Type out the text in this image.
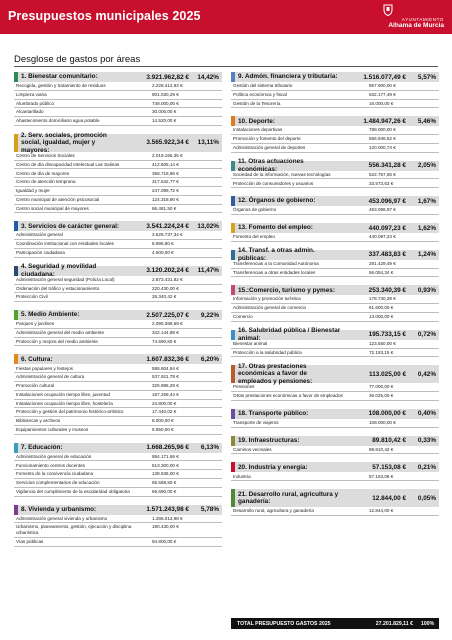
Presupuestos municipales 2025	AYUNTAMIENTO
Alhama de Murcia
Desglose de gastos por áreas
1. Bienestar comunitario:	3.921.962,82 €	14,42%
Recogida, gestión y tratamiento de residuos	2.228.412,93 €
Limpieza viaria	901.030,29 €
Alumbrado público	748.000,00 €
Alcantarillado	30.000,00 €
Abastecimiento domiciliario agua potable	14.520,00 €
2. Serv. sociales, promoción social, igualdad, mujer y mayores:
3.565.922,34 €	13,11%
Centro de Servicios Sociales	2.019.155,35 €
Centro de día discapacidad Intelectual Las Salinas	412.605,14 €
Centro de día de mayores	358.718,96 €
Centro de atención temprana	317.542,77 €
Igualdad y mujer	247.099,72 €
Centro municipal de atención psicosocial	124.318,90 €
Centro social municipal de mayores	86.481,50 €
3. Servicios de carácter general:	3.541.224,24 €	13,02%
Administración general	3.528.737,34 €
Coordinación institucional con entidades locales	8.986,90 €
Participación ciudadana	4.500,00 €
4. Seguridad y movilidad ciudadana:	3.120.202,24 €	11,47%
Administración general seguridad (Policía Local)	2.873.431,82 €
Ordenación del tráfico y estacionamiento	220.430,00 €
Protección Civil	26.340,42 €
5. Medio Ambiente:	2.507.225,07 €	9,22%
Parques y jardines	2.090.389,59 €
Administración general del medio ambiente	342.144,88 €
Protección y mejora del medio ambiente	74.690,60 €
6. Cultura:	1.607.832,36 €	6,20%
Fiestas populares y festejos	588.604,94 €
Administración general de cultura	537.921,78 €
Promoción cultural	325.996,29 €
Instalaciones ocupación tiempo libre, juventud	187.259,44 €
Instalaciones ocupación tiempo libre, hostelería	24.800,00 €
Protección y gestión del patrimonio histórico-artístico	17.440,02 €
Bibliotecas y archivos	8.000,00 €
Equipamientos culturales y museos	5.850,00 €
7. Educación:	1.668.265,96 €	6,13%
Administración general de educación	884.171,66 €
Funcionamiento centros docentes	513.300,00 €
Fomento de la convivencia ciudadana	138.536,00 €
Servicios complementarios de educación	65.568,50 €
Vigilancia del cumplimiento de la escolaridad obligatoria	66.690,00 €
8. Vivienda y urbanismo:	1.571.243,98 €	5,78%
Administración general vivienda y urbanismo	1.286.013,98 €
Urbanismo, planeamiento, gestión, ejecución y disciplina urbanística
190.430,00 €
Vías públicas	94.800,00 €
9. Admón. financiera y tributaria:	1.516.077,49 €	5,57%
Gestión del sistema tributario	867.900,00 €
Política económica y fiscal	632.177,49 €
Gestión de la Tesorería	16.000,00 €
10. Deporte:	1.484.947,26 €	5,46%
Instalaciones deportivas	788.000,00 €
Promoción y fomento del deporte	556.946,52 €
Administración general de deportes	120.000,74 €
11. Otras actuaciones económicas:	556.341,28 €	2,05%
Sociedad de la información, nuevas tecnologías	522.767,65 €
Protección de consumidores y usuarios	33.573,63 €
12. Órganos de gobierno:	453.096,97 €	1,67%
Órganos de gobierno	453.096,97 €
13. Fomento del empleo:	440.097,23 €	1,62%
Fomento del empleo	440.097,23 €
14. Transf. a otras admin. públicas:	337.483,83 €	1,24%
Transferencias a la Comunidad Autónoma	281.429,49 €
Transferencias a otras entidades locales	56.054,34 €
15.:Comercio, turismo y pymes:	253.340,39 €	0,93%
Información y promoción turística	178.740,39 €
Administración general de comercio	61.600,00 €
Comercio	13.000,00 €
16. Salubridad pública / Bienestar animal:	195.733,15 €	0,72%
Bienestar animal	123.550,00 €
Protección a la salubridad pública	72.183,15 €
17. Otras prestaciones económicas a favor de empleados y pensiones:
113.025,00 €	0,42%
Pensiones	77.000,00 €
Otras prestaciones económicas a favor de empleados	36.025,00 €
18. Transporte público:	108.000,00 €	0,40%
Transporte de viajeros	108.000,00 €
19. Infraestructuras:	89.810,42 €	0,33%
Caminos vecinales	89.810,42 €
20. Industria y energía:	57.153,08 €	0,21%
Industria	57.153,08 €
21. Desarrollo rural, agricultura y ganadería:	12.844,00 €	0,05%
Desarrollo rural, agricultura y ganadería	12.844,00 €
TOTAL PRESUPUESTO GASTOS 2025	27.201.829,11 € 100%
